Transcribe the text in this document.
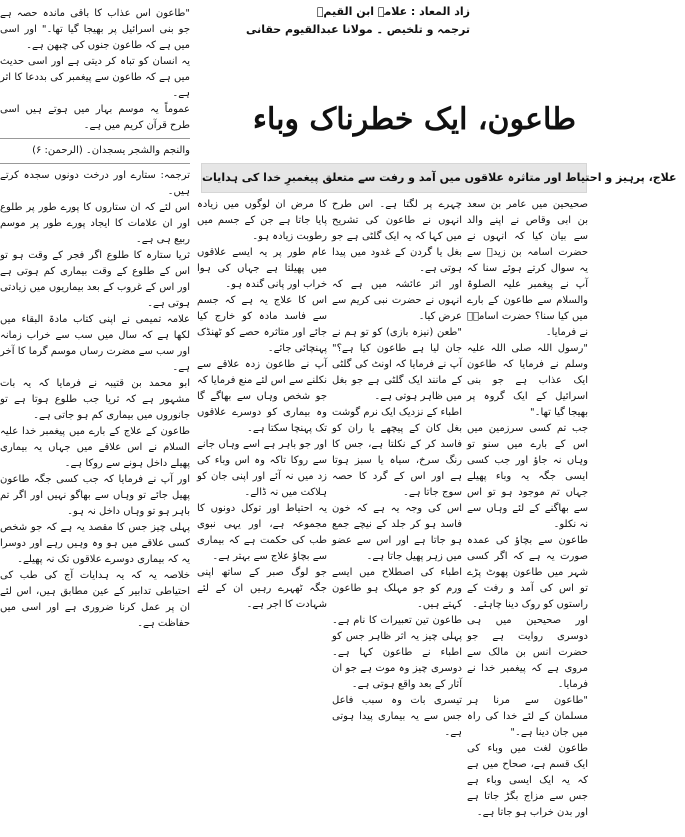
"طاعون اس عذاب کا باقی ماندہ حصہ ہے جو بنی اسرائیل پر بھیجا گیا تھا۔" اور اسی میں ہے کہ طاعون جنوں کی چبھن ہے۔

یہ انسان کو تباہ کر دیتی ہے اور اسی حدیث میں ہے کہ طاعون سے پیغمبر کی بددعا کا اثر ہے۔

عموماً یہ موسم بہار میں ہوتے ہیں اسی طرح قرآن کریم میں ہے۔

والنجم والشجر یسجدان۔ (الرحمن: ۶)

ترجمہ: ستارے اور درخت دونوں سجدہ کرتے ہیں۔

اس لئے کہ ان ستاروں کا پورے طور پر طلوع اور ان علامات کا ایجاد پورے طور پر موسم ربیع ہی ہے۔

ثریا ستارہ کا طلوع اگر فجر کے وقت ہو تو اس کے طلوع کے وقت بیماری کم ہوتی ہے اور اس کے غروب کے بعد بیماریوں میں زیادتی ہوتی ہے۔

علامہ تمیمی نے اپنی کتاب مادۃ البقاء میں لکھا ہے کہ سال میں سب سے خراب زمانہ اور سب سے مضرت رساں موسم گرما کا آخر ہے۔

ابو محمد بن قتیبہ نے فرمایا کہ یہ بات مشہور ہے کہ ثریا جب طلوع ہوتا ہے تو جانوروں میں بیماری کم ہو جاتی ہے۔

طاعون کے علاج کے بارے میں پیغمبر خدا علیہ السلام نے اس علاقے میں جہاں یہ بیماری پھیلے داخل ہونے سے روکا ہے۔

اور آپ نے فرمایا کہ جب کسی جگہ طاعون پھیل جائے تو وہاں سے بھاگو نہیں اور اگر تم باہر ہو تو وہاں داخل نہ ہو۔

پہلی چیز جس کا مقصد یہ ہے کہ جو شخص کسی علاقے میں ہو وہ وہیں رہے اور دوسرا یہ کہ بیماری دوسرے علاقوں تک نہ پھیلے۔

خلاصہ یہ کہ یہ ہدایات آج کی طب کی احتیاطی تدابیر کے عین مطابق ہیں، اس لئے ان پر عمل کرنا ضروری ہے اور اسی میں حفاظت ہے۔

زاد المعاد : علامہ ابن القیمؒ
ترجمہ و تلخیص ۔ مولانا عبدالقیوم حقانی
طاعون، ایک خطرناک وباء
علاج، پرہیز و احتیاط اور متاثرہ علاقوں میں آمد و رفت سے متعلق پیغمبرِ خدا کی ہدایات

صحیحین میں عامر بن سعد بن ابی وقاص نے اپنے والد سے بیان کیا کہ انہوں نے حضرت اسامہ بن زیدؓ سے یہ سوال کرتے ہوئے سنا کہ آپ نے پیغمبر علیہ الصلوۃ والسلام سے طاعون کے بارے میں کیا سنا؟ حضرت اسامہؓ نے فرمایا۔

"رسول اللہ صلی اللہ علیہ وسلم نے فرمایا کہ طاعون ایک عذاب ہے جو بنی اسرائیل کے ایک گروہ پر بھیجا گیا تھا۔"

جب تم کسی سرزمین میں اس کے بارے میں سنو تو وہاں نہ جاؤ اور جب کسی ایسی جگہ یہ وباء پھیلے جہاں تم موجود ہو تو اس سے بھاگنے کے لئے وہاں سے نہ نکلو۔

طاعون سے بچاؤ کی عمدہ صورت یہ ہے کہ اگر کسی شہر میں طاعون پھوٹ پڑے تو اس کی آمد و رفت کے راستوں کو روک دینا چاہئے۔

اور صحیحین میں ہی دوسری روایت ہے جو حضرت انس بن مالک سے مروی ہے کہ پیغمبر خدا نے فرمایا۔

"طاعون سے مرنا ہر مسلمان کے لئے خدا کی راہ میں جان دینا ہے۔"

طاعون لغت میں وباء کی ایک قسم ہے، صحاح میں ہے کہ یہ ایک ایسی وباء ہے جس سے مزاج بگڑ جاتا ہے اور بدن خراب ہو جاتا ہے۔

چہرے پر لگتا ہے۔ اس طرح انہوں نے طاعون کی تشریح میں کہا کہ یہ ایک گلٹی ہے جو بغل یا گردن کے غدود میں پیدا ہوتی ہے۔

اور اثر عائشہ میں ہے کہ انہوں نے حضرت نبی کریم سے عرض کیا۔

"طعن (نیزہ بازی) کو تو ہم نے جان لیا ہے طاعون کیا ہے؟" آپ نے فرمایا کہ اونٹ کی گلٹی کے مانند ایک گلٹی ہے جو بغل میں ظاہر ہوتی ہے۔

اطباء کے نزدیک ایک نرم گوشت بغل کان کے پیچھے یا ران کو فاسد کر کے نکلتا ہے، جس کا رنگ سرخ، سیاہ یا سبز ہوتا ہے اور اس کے گرد کا حصہ سوج جاتا ہے۔

اس کی وجہ یہ ہے کہ خون فاسد ہو کر جلد کے نیچے جمع ہو جاتا ہے اور اس سے عضو میں زہر پھیل جاتا ہے۔

اطباء کی اصطلاح میں ایسے ورم کو جو مہلک ہو طاعون کہتے ہیں۔

طاعون تین تعبیرات کا نام ہے۔ پہلی چیز یہ اثر ظاہر جس کو اطباء نے طاعون کہا ہے۔ دوسری چیز وہ موت ہے جو ان آثار کے بعد واقع ہوتی ہے۔

تیسری بات وہ سبب فاعل جس سے یہ بیماری پیدا ہوتی ہے۔

کا مرض ان لوگوں میں زیادہ پایا جاتا ہے جن کے جسم میں رطوبت زیادہ ہو۔

عام طور پر یہ ایسے علاقوں میں پھیلتا ہے جہاں کی ہوا خراب اور پانی گندہ ہو۔

اس کا علاج یہ ہے کہ جسم سے فاسد مادہ کو خارج کیا جائے اور متاثرہ حصے کو ٹھنڈک پہنچائی جائے۔

آپ نے طاعون زدہ علاقے سے نکلنے سے اس لئے منع فرمایا کہ جو شخص وہاں سے بھاگے گا وہ بیماری کو دوسرے علاقوں تک پہنچا سکتا ہے۔

اور جو باہر ہے اسے وہاں جانے سے روکا تاکہ وہ اس وباء کی زد میں نہ آئے اور اپنی جان کو ہلاکت میں نہ ڈالے۔

یہ احتیاط اور توکل دونوں کا مجموعہ ہے، اور یہی نبوی طب کی حکمت ہے کہ بیماری سے بچاؤ علاج سے بہتر ہے۔

جو لوگ صبر کے ساتھ اپنی جگہ ٹھہرے رہیں ان کے لئے شہادت کا اجر ہے۔
